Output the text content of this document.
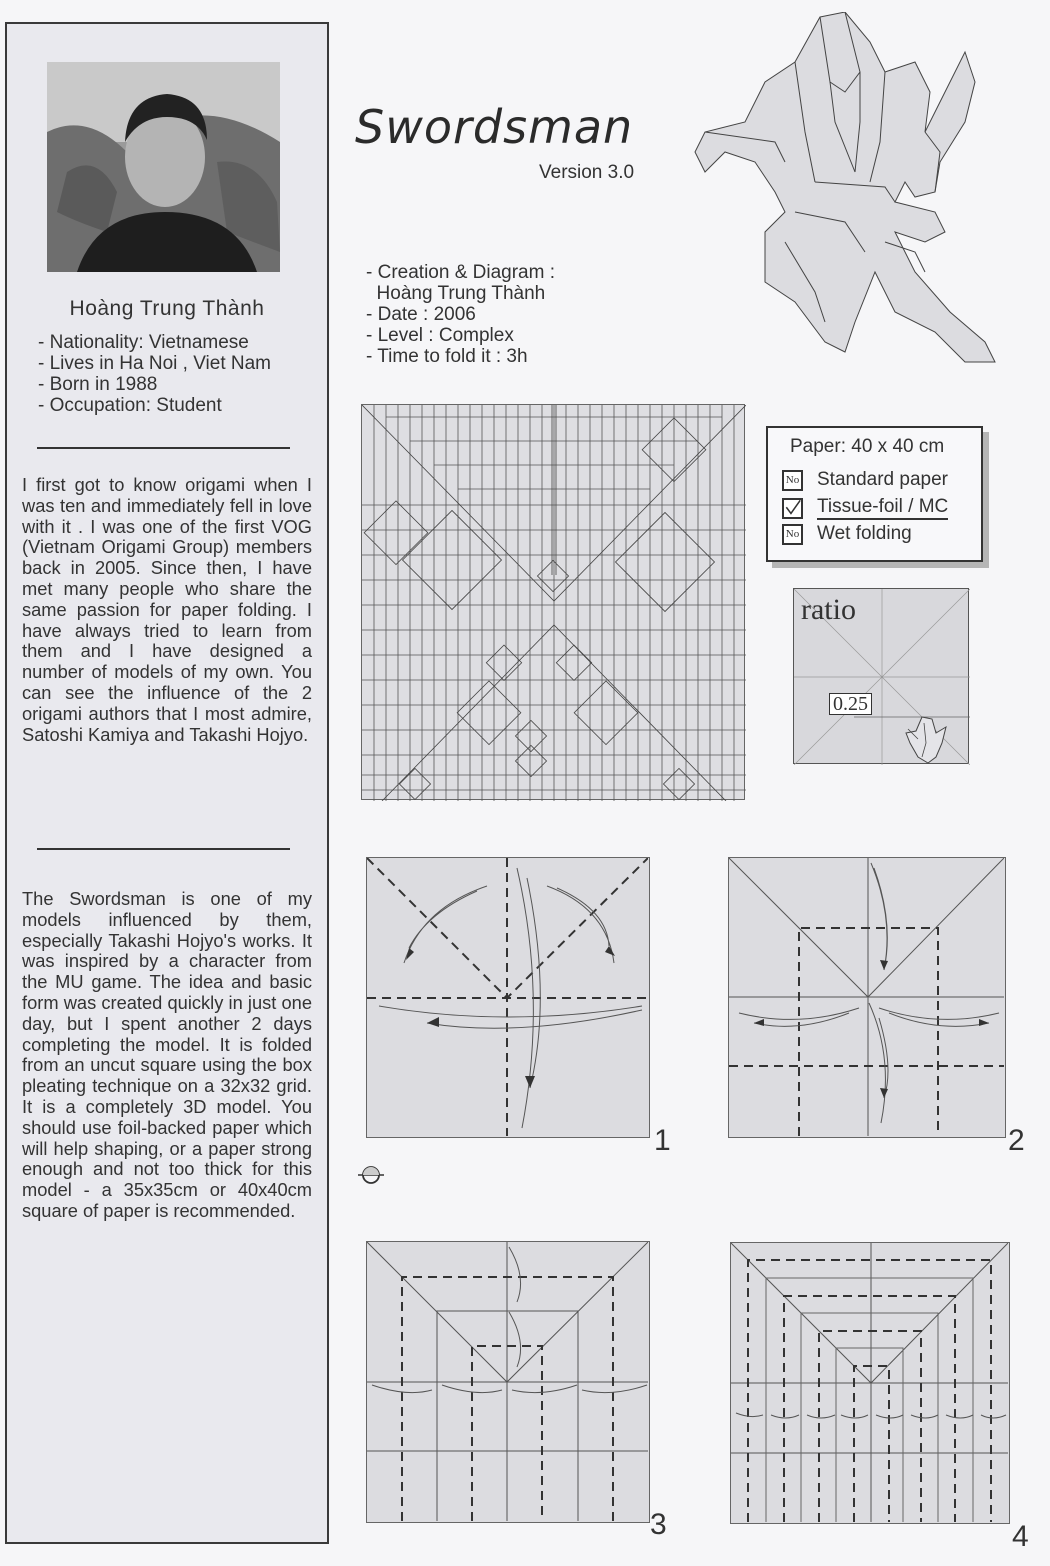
Hoàng Trung Thành
- Nationality: Vietnamese
- Lives in Ha Noi , Viet Nam
- Born in 1988
- Occupation: Student

I first got to know origami when I was ten and immediately fell in love with it . I was one of the first VOG (Vietnam Origami Group) members back in 2005. Since then, I have met many people who share the same passion for paper folding. I have always tried to learn from them and I have designed a number of models of my own. You can see the influence of the 2 origami authors that I most admire, Satoshi Kamiya and Takashi Hojyo.

The Swordsman is one of my models influenced by them, especially Takashi Hojyo's works. It was inspired by a character from the MU game. The idea and basic form was created quickly in just one day, but I spent another 2 days completing the model. It is folded from an uncut square using the box pleating technique on a 32x32 grid. It is a completely 3D model. You should use foil-backed paper which will help shaping, or a paper strong enough and not too thick for this model - a 35x35cm or 40x40cm square of paper is recommended.

Swordsman
Version 3.0
- Creation & Diagram :
Hoàng Trung Thành
- Date : 2006
- Level : Complex
- Time to fold it : 3h
Paper: 40 x 40 cm
No Standard paper
Tissue-foil / MC
No Wet folding
ratio
0.25
1	2
3	4
